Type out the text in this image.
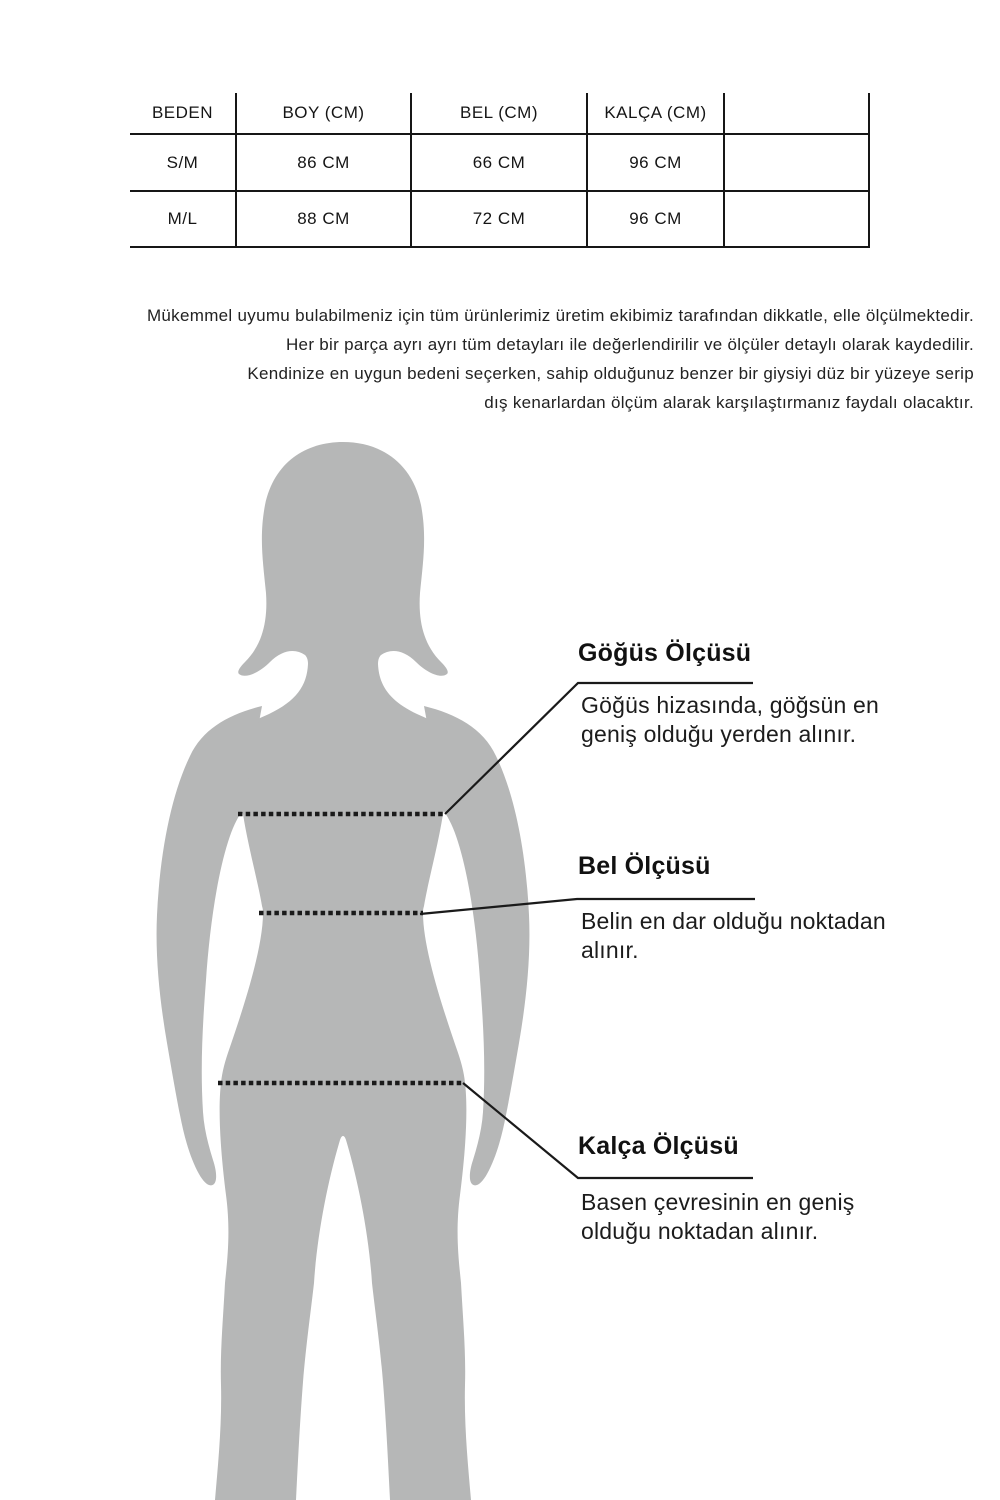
BEDEN	BOY (CM)	BEL (CM)	KALÇA (CM)
S/M	86 CM	66 CM	96 CM
M/L	88 CM	72 CM	96 CM
Mükemmel uyumu bulabilmeniz için tüm ürünlerimiz üretim ekibimiz tarafından dikkatle, elle ölçülmektedir.
Her bir parça ayrı ayrı tüm detayları ile değerlendirilir ve ölçüler detaylı olarak kaydedilir.
Kendinize en uygun bedeni seçerken, sahip olduğunuz benzer bir giysiyi düz bir yüzeye serip
dış kenarlardan ölçüm alarak karşılaştırmanız faydalı olacaktır.
Göğüs Ölçüsü
Göğüs hizasında, göğsün en
geniş olduğu yerden alınır.
Bel Ölçüsü
Belin en dar olduğu noktadan
alınır.
Kalça Ölçüsü
Basen çevresinin en geniş
olduğu noktadan alınır.
